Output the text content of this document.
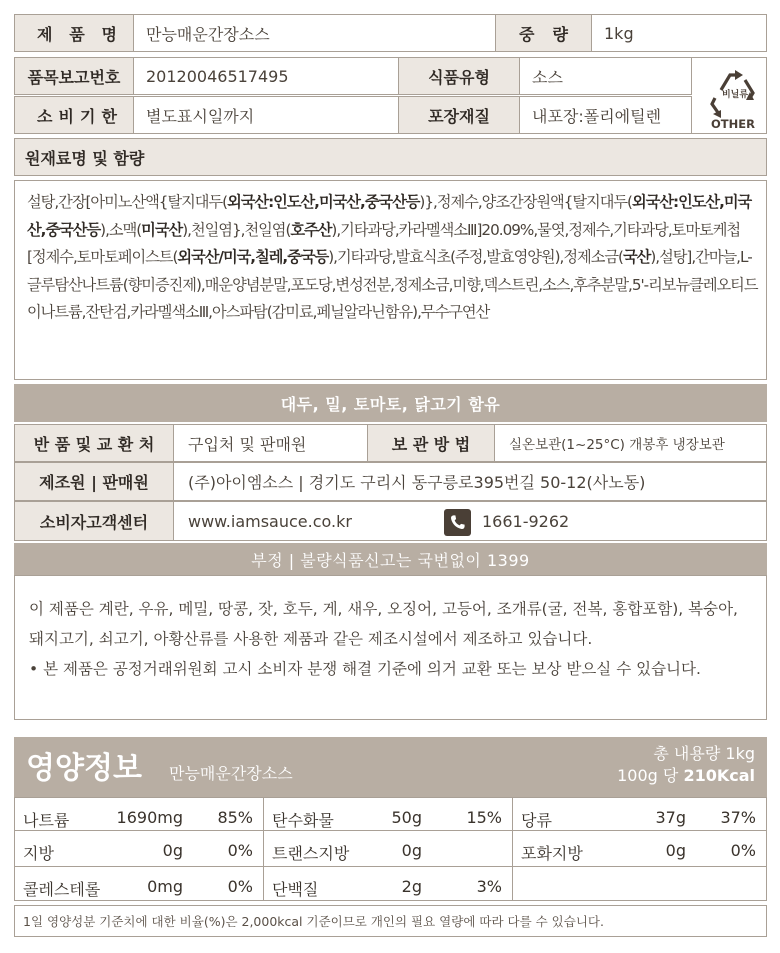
제 품 명 만능매운간장소스	중 량 1kg
품목보고번호 20120046517495	식품유형	소스
소 비 기 한 별도표시일까지	포장재질	내포장:폴리에틸렌
비닐류
OTHER
원재료명 및 함량
설탕,간장[아미노산액{탈지대두(외국산:인도산,미국산,중국산등)},정제수,양조간장원액{탈지대두(외국산:인도산,미국산,중국산등),소맥(미국산),천일염},천일염(호주산),기타과당,카라멜색소Ⅲ]20.09%,물엿,정제수,기타과당,토마토케첩[정제수,토마토페이스트(외국산/미국,칠레,중국등),기타과당,발효식초(주정,발효영양원),정제소금(국산),설탕],간마늘,L-글루탐산나트륨(향미증진제),매운양념분말,포도당,변성전분,정제소금,미향,덱스트린,소스,후추분말,5'-리보뉴클레오티드이나트륨,잔탄검,카라멜색소Ⅲ,아스파탐(감미료,페닐알라닌함유),무수구연산
대두, 밀, 토마토, 닭고기 함유
반 품 및 교 환 처 구입처 및 판매원	보 관 방 법	실온보관(1~25°C) 개봉후 냉장보관
제조원 | 판매원 (주)아이엠소스 | 경기도 구리시 동구릉로395번길 50-12(사노동)
소비자고객센터 www.iamsauce.co.kr	1661-9262
부정 | 불량식품신고는 국번없이 1399
이 제품은 계란, 우유, 메밀, 땅콩, 잣, 호두, 게, 새우, 오징어, 고등어, 조개류(굴, 전복, 홍합포함), 복숭아, 돼지고기, 쇠고기, 아황산류를 사용한 제품과 같은 제조시설에서 제조하고 있습니다.
• 본 제품은 공정거래위원회 고시 소비자 분쟁 해결 기준에 의거 교환 또는 보상 받으실 수 있습니다.
영양정보 만능매운간장소스
총 내용량 1kg
100g 당 210Kcal
나트륨	1690mg 85% 탄수화물	50g	15% 당류	37g 37%
지방	0g	0% 트랜스지방	0g	포화지방	0g	0%
콜레스테롤	0mg	0% 단백질	2g	3%
1일 영양성분 기준치에 대한 비율(%)은 2,000kcal 기준이므로 개인의 필요 열량에 따라 다를 수 있습니다.
